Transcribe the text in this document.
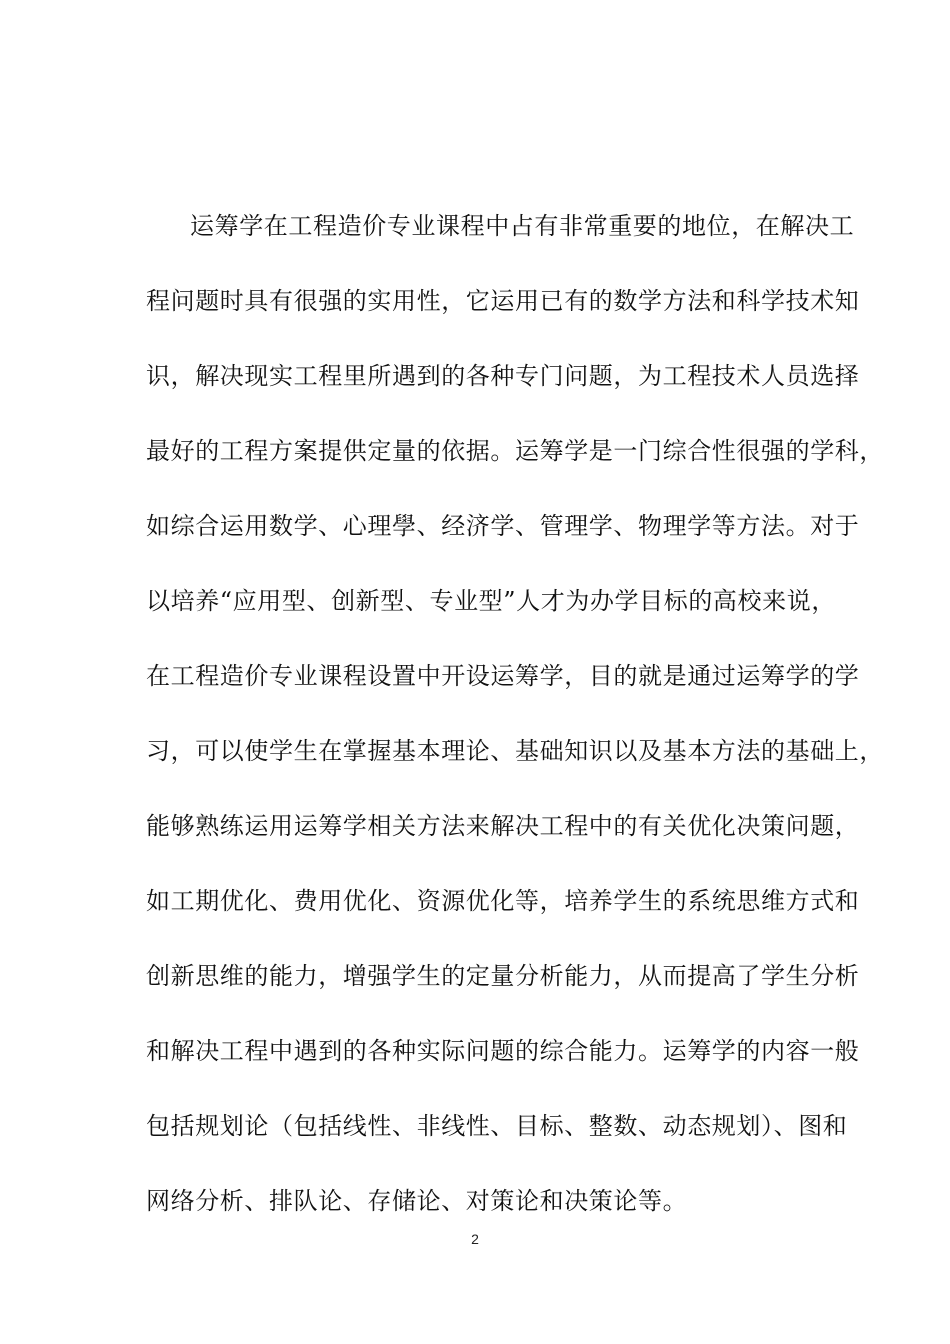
运筹学在工程造价专业课程中占有非常重要的地位，在解决工
程问题时具有很强的实用性，它运用已有的数学方法和科学技术知
识，解决现实工程里所遇到的各种专门问题，为工程技术人员选择
最好的工程方案提供定量的依据。运筹学是一门综合性很强的学科，
如综合运用数学、心理學、经济学、管理学、物理学等方法。对于
以培养“应用型、创新型、专业型”人才为办学目标的高校来说，
在工程造价专业课程设置中开设运筹学，目的就是通过运筹学的学
习，可以使学生在掌握基本理论、基础知识以及基本方法的基础上，
能够熟练运用运筹学相关方法来解决工程中的有关优化决策问题，
如工期优化、费用优化、资源优化等，培养学生的系统思维方式和
创新思维的能力，增强学生的定量分析能力，从而提高了学生分析
和解决工程中遇到的各种实际问题的综合能力。运筹学的内容一般
包括规划论（包括线性、非线性、目标、整数、动态规划）、图和
网络分析、排队论、存储论、对策论和决策论等。
2
